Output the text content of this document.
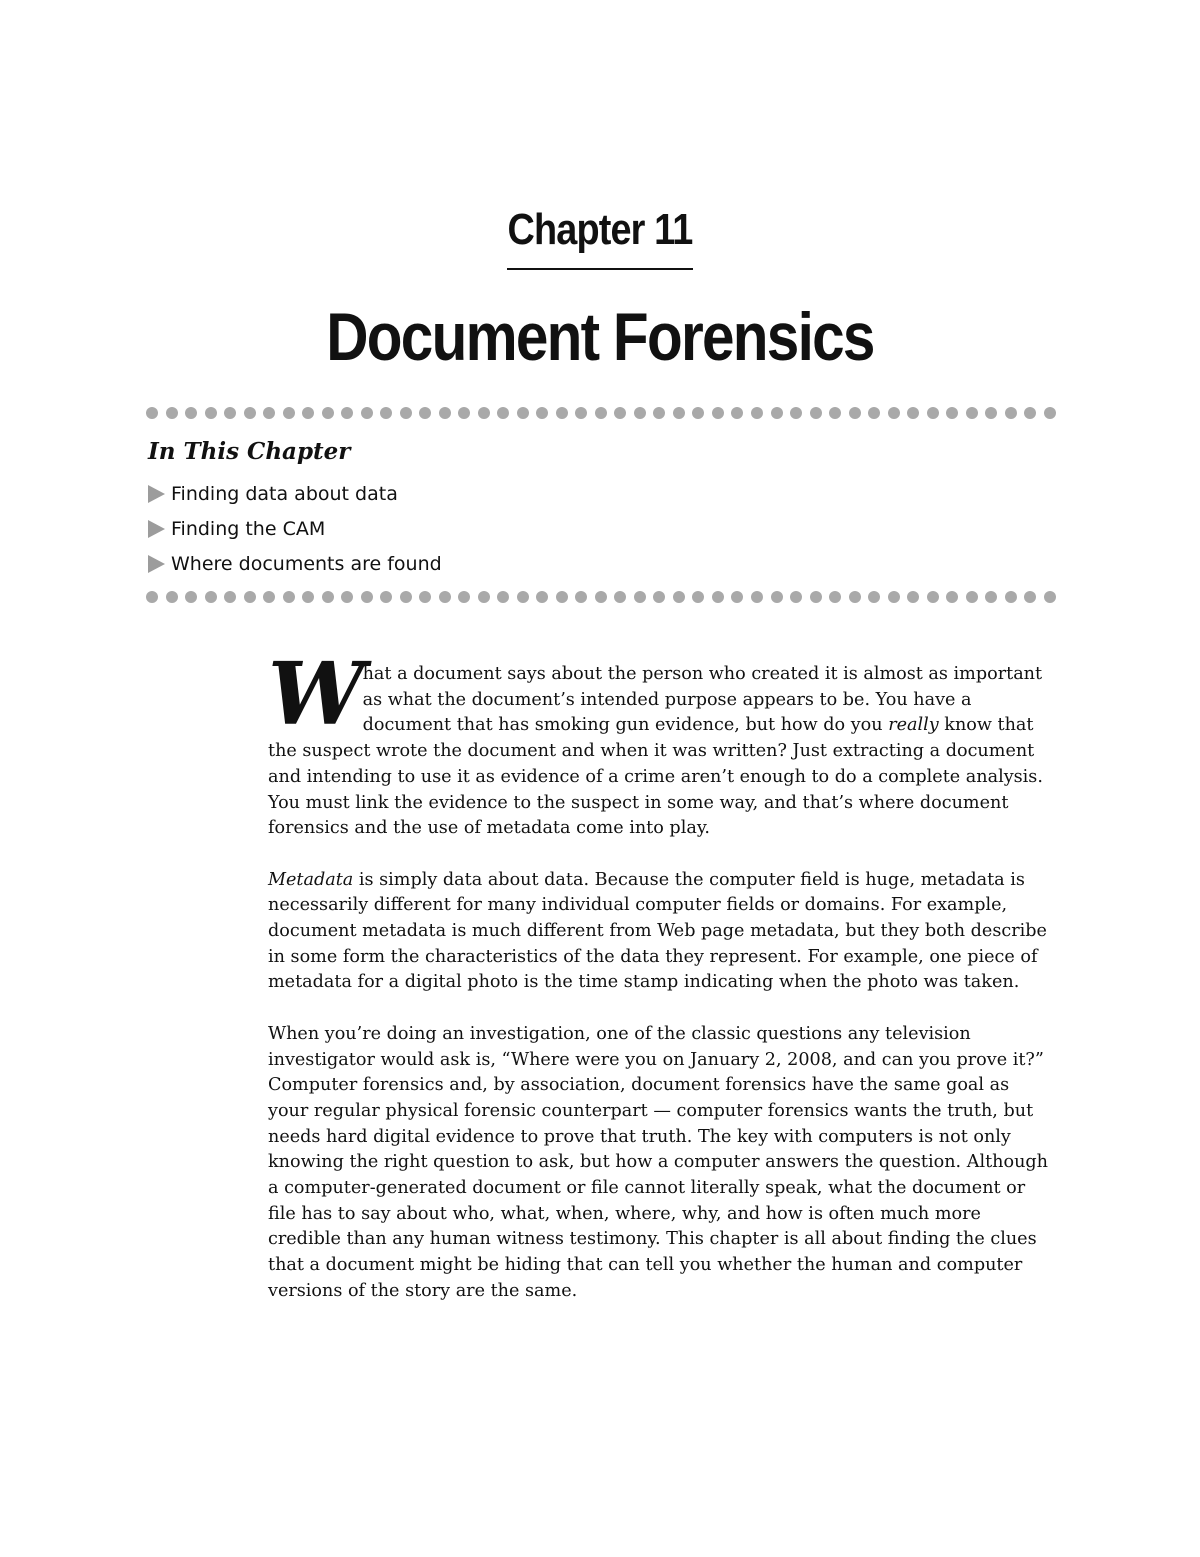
Chapter 11
Document Forensics
In This Chapter
Finding data about data
Finding the CAM
Where documents are found

What a document says about the person who created it is almost as important as what the document’s intended purpose appears to be. You have a document that has smoking gun evidence, but how do you really know that the suspect wrote the document and when it was written? Just extracting a document and intending to use it as evidence of a crime aren’t enough to do a complete analysis. You must link the evidence to the suspect in some way, and that’s where document forensics and the use of metadata come into play.

Metadata is simply data about data. Because the computer field is huge, metadata is necessarily different for many individual computer fields or domains. For example, document metadata is much different from Web page metadata, but they both describe in some form the characteristics of the data they represent. For example, one piece of metadata for a digital photo is the time stamp indicating when the photo was taken.

When you’re doing an investigation, one of the classic questions any television investigator would ask is, “Where were you on January 2, 2008, and can you prove it?” Computer forensics and, by association, document forensics have the same goal as your regular physical forensic counterpart — computer forensics wants the truth, but needs hard digital evidence to prove that truth. The key with computers is not only knowing the right question to ask, but how a computer answers the question. Although a computer-generated document or file cannot literally speak, what the document or file has to say about who, what, when, where, why, and how is often much more credible than any human witness testimony. This chapter is all about finding the clues that a document might be hiding that can tell you whether the human and computer versions of the story are the same.
